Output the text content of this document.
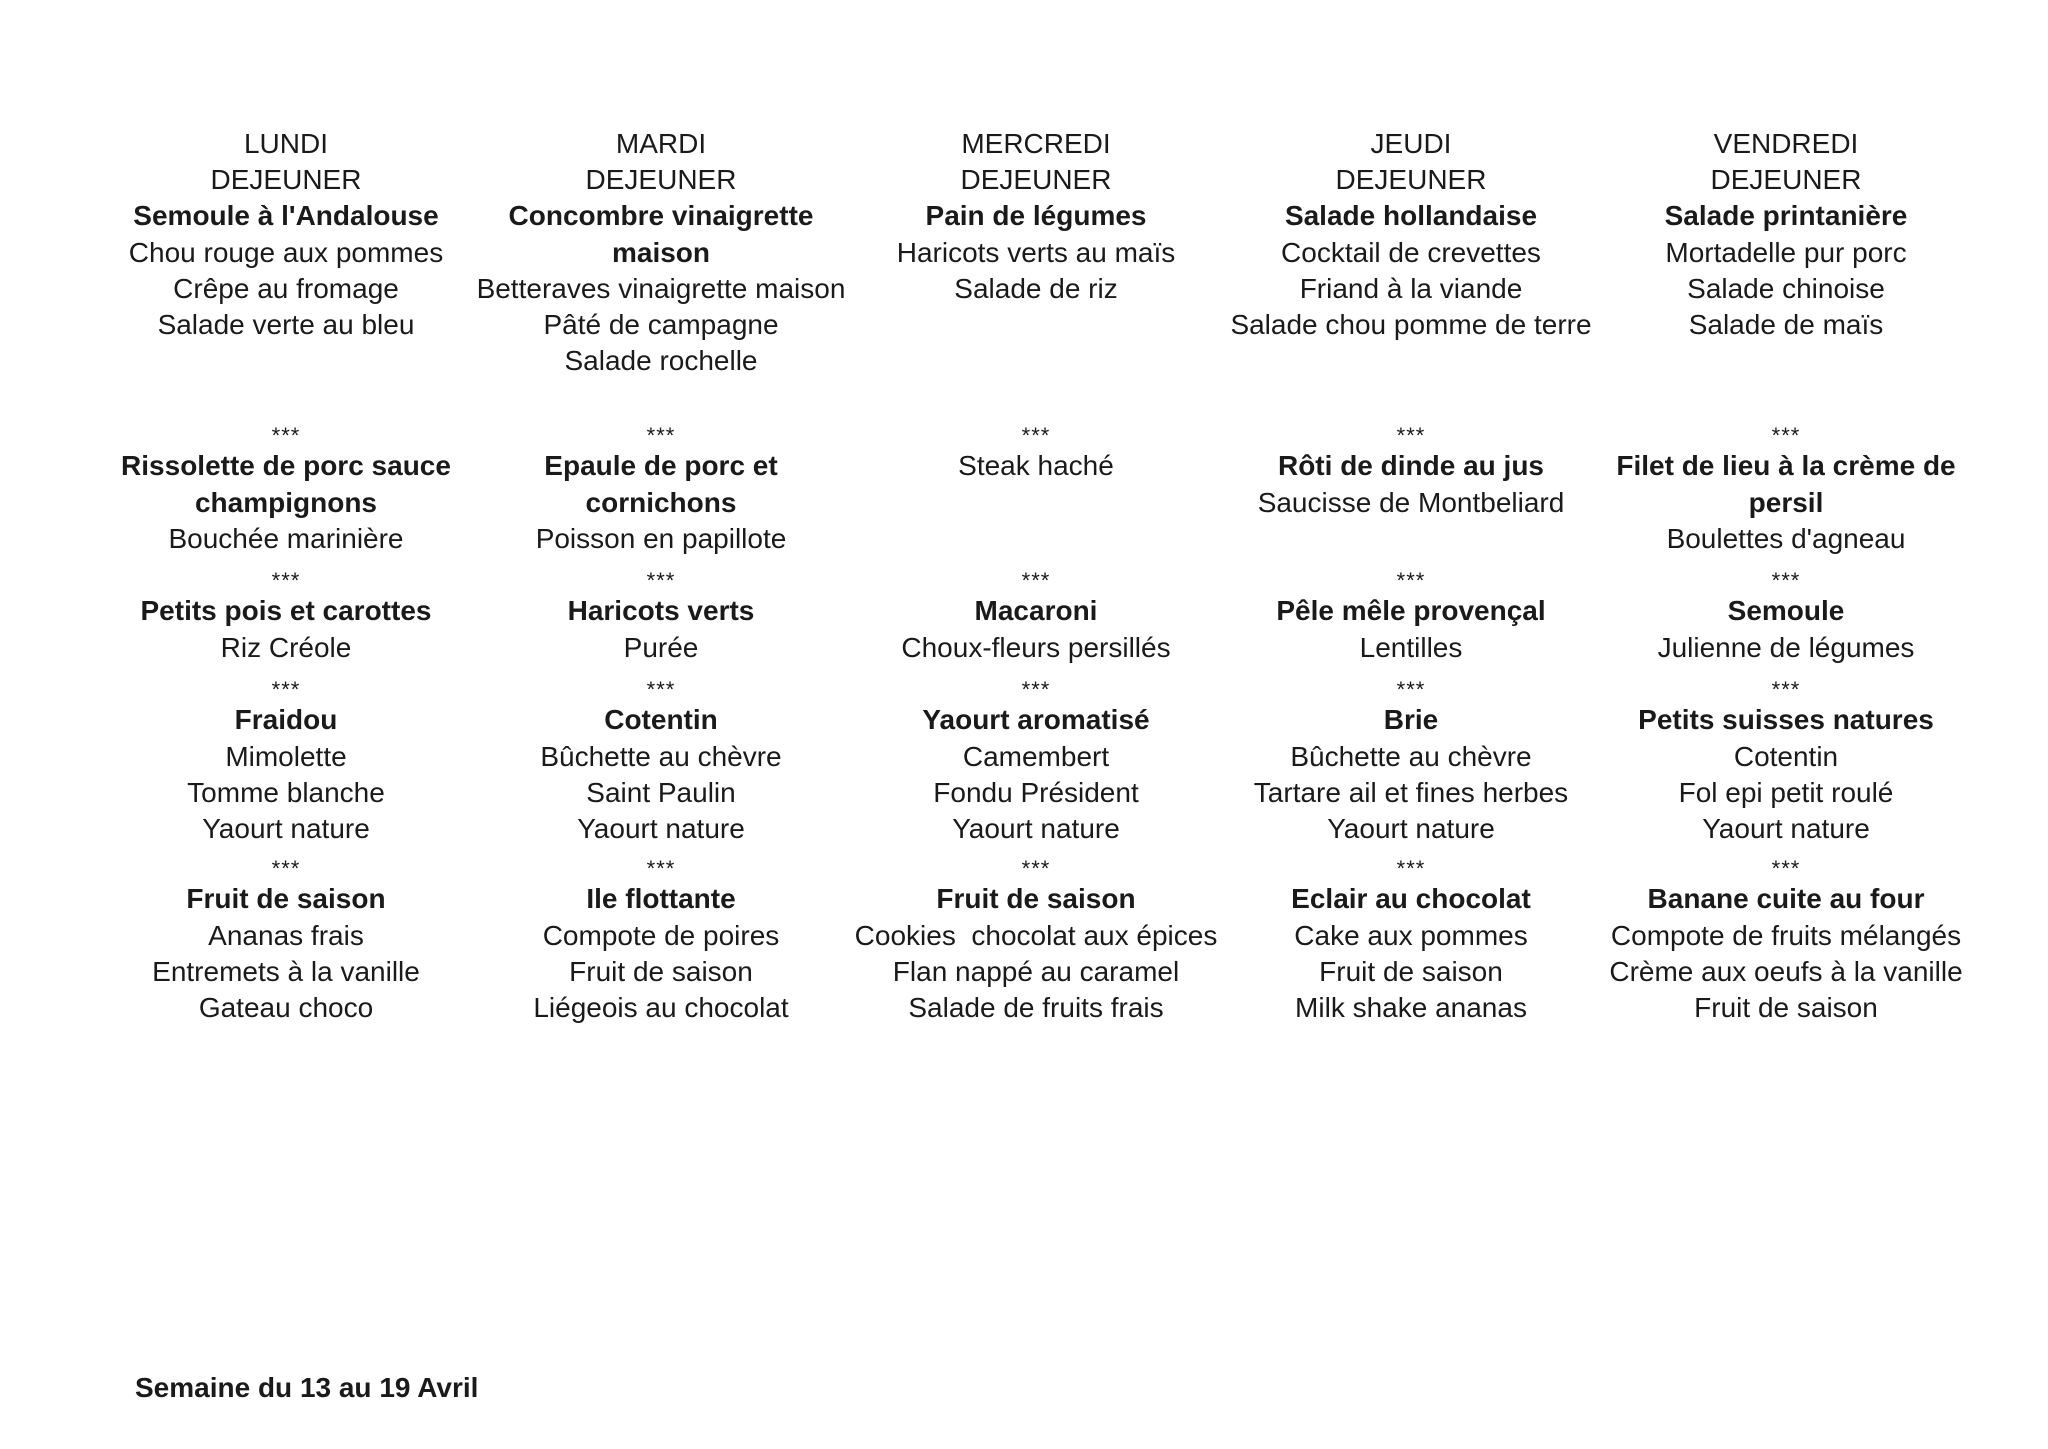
LUNDI
DEJEUNER
Semoule à l'Andalouse
Chou rouge aux pommes
Crêpe au fromage
Salade verte au bleu
***
Rissolette de porc sauce champignons
Bouchée marinière
***
Petits pois et carottes
Riz Créole
***
Fraidou
Mimolette
Tomme blanche
Yaourt nature
***
Fruit de saison
Ananas frais
Entremets à la vanille
Gateau choco
MARDI
DEJEUNER
Concombre vinaigrette maison
Betteraves vinaigrette maison
Pâté de campagne
Salade rochelle
***
Epaule de porc et cornichons
Poisson en papillote
***
Haricots verts
Purée
***
Cotentin
Bûchette au chèvre
Saint Paulin
Yaourt nature
***
Ile flottante
Compote de poires
Fruit de saison
Liégeois au chocolat
MERCREDI
DEJEUNER
Pain de légumes
Haricots verts au maïs
Salade de riz
***
Steak haché
***
Macaroni
Choux-fleurs persillés
***
Yaourt aromatisé
Camembert
Fondu Président
Yaourt nature
***
Fruit de saison
Cookies  chocolat aux épices
Flan nappé au caramel
Salade de fruits frais
JEUDI
DEJEUNER
Salade hollandaise
Cocktail de crevettes
Friand à la viande
Salade chou pomme de terre
***
Rôti de dinde au jus
Saucisse de Montbeliard
***
Pêle mêle provençal
Lentilles
***
Brie
Bûchette au chèvre
Tartare ail et fines herbes
Yaourt nature
***
Eclair au chocolat
Cake aux pommes
Fruit de saison
Milk shake ananas
VENDREDI
DEJEUNER
Salade printanière
Mortadelle pur porc
Salade chinoise
Salade de maïs
***
Filet de lieu à la crème de persil
Boulettes d'agneau
***
Semoule
Julienne de légumes
***
Petits suisses natures
Cotentin
Fol epi petit roulé
Yaourt nature
***
Banane cuite au four
Compote de fruits mélangés
Crème aux oeufs à la vanille
Fruit de saison
Semaine du 13 au 19 Avril
